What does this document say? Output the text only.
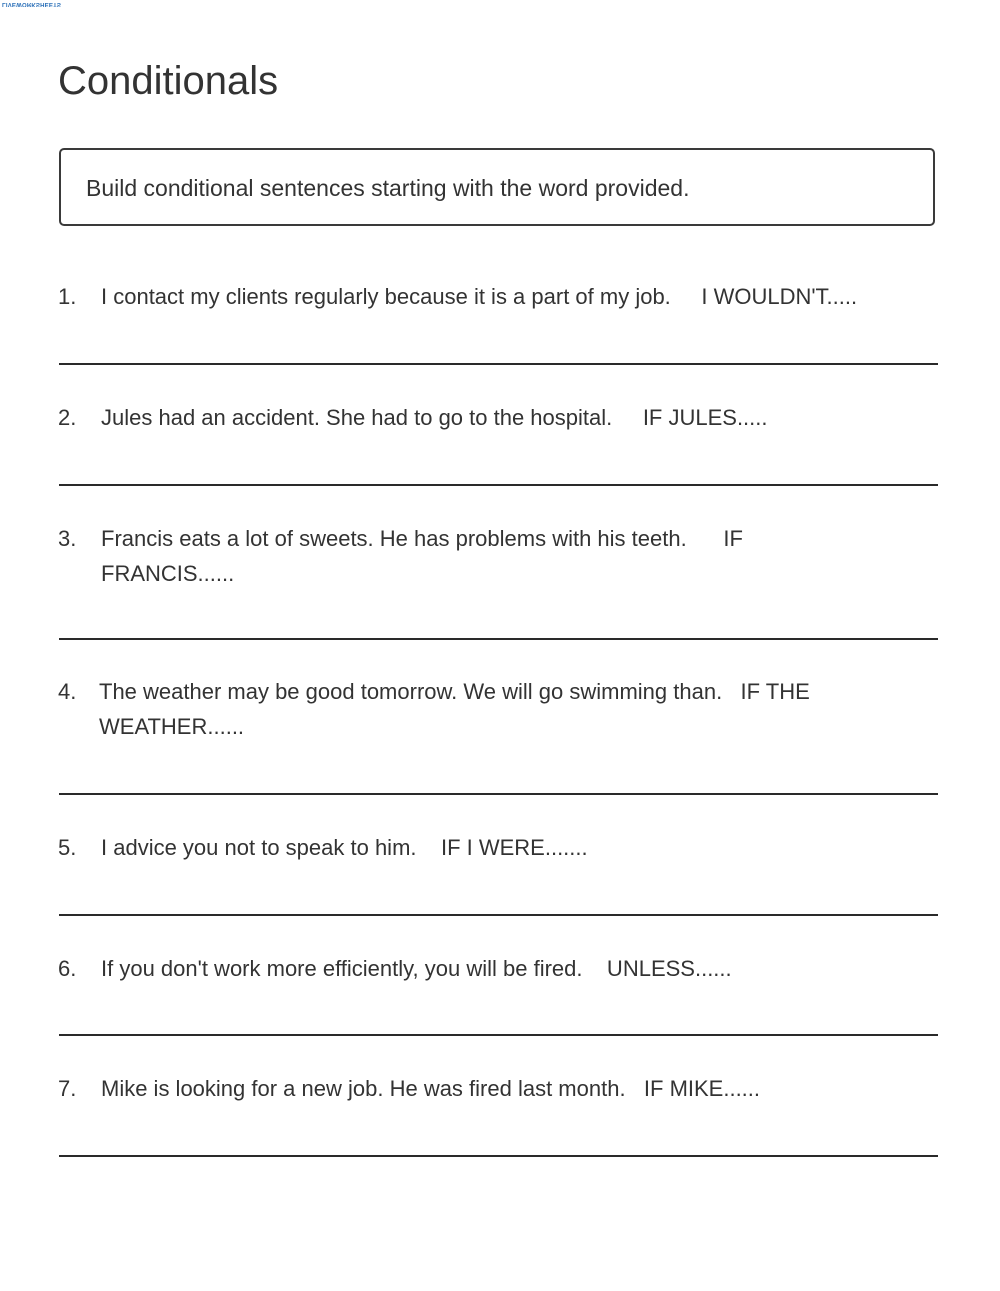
LIVEWORKSHEETS
Conditionals
Build conditional sentences starting with the word provided.
1. I contact my clients regularly because it is a part of my job.     I WOULDN'T.....
2. Jules had an accident. She had to go to the hospital.     IF JULES.....
3. Francis eats a lot of sweets. He has problems with his teeth.      IF FRANCIS......
4. The weather may be good tomorrow. We will go swimming than.   IF THE WEATHER......
5. I advice you not to speak to him.    IF I WERE.......
6. If you don't work more efficiently, you will be fired.    UNLESS......
7. Mike is looking for a new job. He was fired last month.   IF MIKE......
